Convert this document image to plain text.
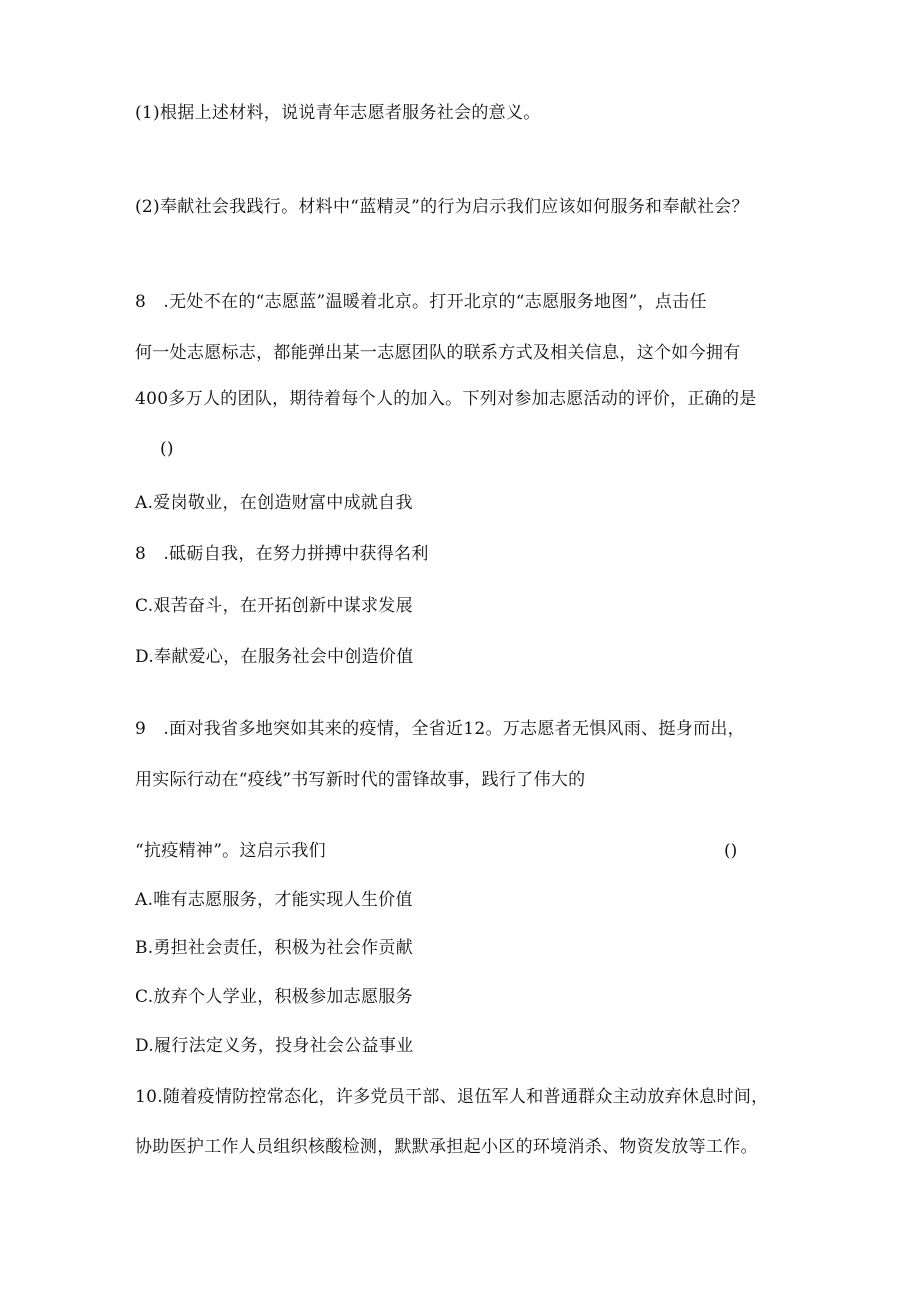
(1)根据上述材料，说说青年志愿者服务社会的意义。
(2)奉献社会我践行。材料中“蓝精灵”的行为启示我们应该如何服务和奉献社会？
8　.无处不在的“志愿蓝”温暖着北京。打开北京的“志愿服务地图”，点击任
何一处志愿标志，都能弹出某一志愿团队的联系方式及相关信息，这个如今拥有
400多万人的团队，期待着每个人的加入。下列对参加志愿活动的评价，正确的是
()
A.爱岗敬业，在创造财富中成就自我
8　.砥砺自我，在努力拼搏中获得名利
C.艰苦奋斗，在开拓创新中谋求发展
D.奉献爱心，在服务社会中创造价值
9　.面对我省多地突如其来的疫情，全省近12。万志愿者无惧风雨、挺身而出，
用实际行动在“疫线”书写新时代的雷锋故事，践行了伟大的
“抗疫精神”。这启示我们	()
A.唯有志愿服务，才能实现人生价值
B.勇担社会责任，积极为社会作贡献
C.放弃个人学业，积极参加志愿服务
D.履行法定义务，投身社会公益事业
10.随着疫情防控常态化，许多党员干部、退伍军人和普通群众主动放弃休息时间，
协助医护工作人员组织核酸检测，默默承担起小区的环境消杀、物资发放等工作。
